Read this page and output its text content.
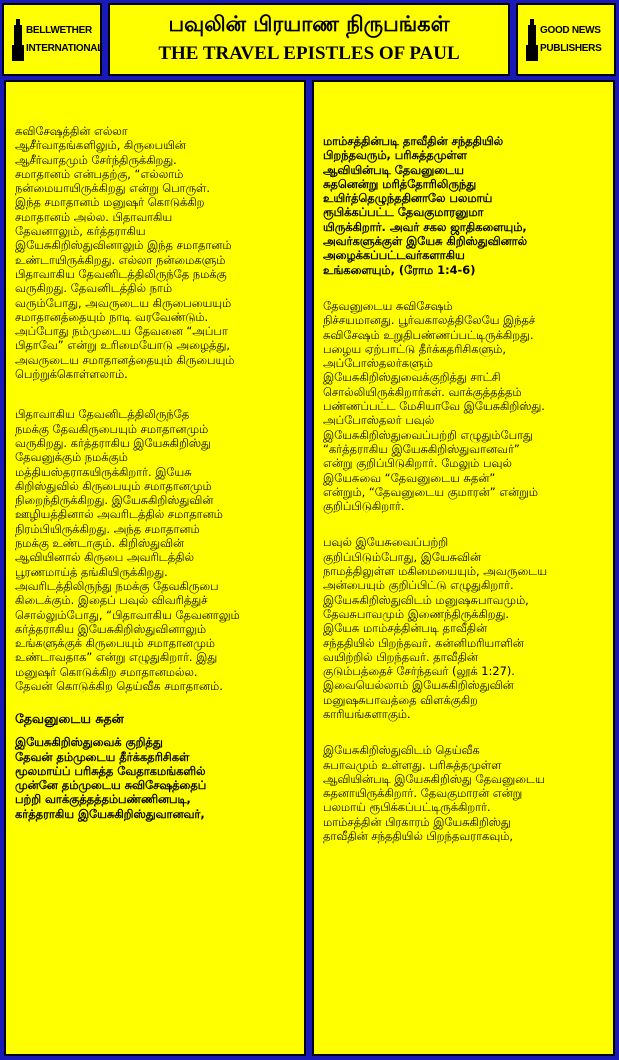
BELLWETHER
INTERNATIONAL
பவுலின் பிரயாண நிருபங்கள்
THE TRAVEL EPISTLES OF PAUL
GOOD NEWS
PUBLISHERS
சுவிசேஷத்தின் எல்லா
ஆசீர்வாதங்களிலும், கிருபையின்
ஆசீர்வாதமும் சேர்ந்திருக்கிறது.
சமாதானம் என்பதற்கு, “எல்லாம்
நன்மையாயிருக்கிறது என்று பொருள்.
இந்த சமாதானம் மனுஷர் கொடுக்கிற
சமாதானம் அல்ல. பிதாவாகிய
தேவனாலும், கர்த்தராகிய
இயேசுகிறிஸ்துவினாலும் இந்த சமாதானம்
உண்டாயிருக்கிறது. எல்லா நன்மைகளும்
பிதாவாகிய தேவனிடத்திலிருந்தே நமக்கு
வருகிறது. தேவனிடத்தில் நாம்
வரும்போது, அவருடைய கிருபையையும்
சமாதானத்தையும் நாடி வரவேண்டும்.
அப்போது நம்முடைய தேவனை “அப்பா
பிதாவே” என்று உரிமையோடு அழைத்து,
அவருடைய சமாதானத்தையும் கிருபையும்
பெற்றுக்கொள்ளலாம்.
பிதாவாகிய தேவனிடத்திலிருந்தே
நமக்கு தேவகிருபையும் சமாதானமும்
வருகிறது. கர்த்தராகிய இயேசுகிறிஸ்து
தேவனுக்கும் நமக்கும்
மத்தியஸ்தராகயிருக்கிறார். இயேசு
கிறிஸ்துவில் கிருபையும் சமாதானமும்
நிறைந்திருக்கிறது. இயேசுகிறிஸ்துவின்
ஊழியத்தினால் அவரிடத்தில் சமாதானம்
நிரம்பியிருக்கிறது. அந்த சமாதானம்
நமக்கு உண்டாகும். கிறிஸ்துவின்
ஆவியினால் கிருபை அவரிடத்தில்
பூரணமாய்த் தங்கியிருக்கிறது.
அவரிடத்திலிருந்து நமக்கு தேவகிருபை
கிடைக்கும். இதைப் பவுல் விவரித்துச்
சொல்லும்போது, “பிதாவாகிய தேவனாலும்
கர்த்தராகிய இயேசுகிறிஸ்துவினாலும்
உங்களுக்குக் கிருபையும் சமாதானமும்
உண்டாவதாக” என்று எழுதுகிறார். இது
மனுஷர் கொடுக்கிற சமாதானமல்ல.
தேவன் கொடுக்கிற தெய்வீக சமாதானம்.
தேவனுடைய சுதன்
இயேசுகிறிஸ்துவைக் குறித்து
தேவன் தம்முடைய தீர்க்கதரிசிகள்
மூலமாய்ப் பரிசுத்த வேதாகமங்களில்
முன்னே தம்முடைய சுவிசேஷத்தைப்
பற்றி வாக்குத்தத்தம்பண்ணினபடி,
கர்த்தராகிய இயேசுகிறிஸ்துவானவர்,
மாம்சத்தின்படி தாவீதின் சந்ததியில்
பிறந்தவரும், பரிசுத்தமுள்ள
ஆவியின்படி தேவனுடைய
சுதனென்று மரித்தோரிலிருந்து
உயிர்த்தெழுந்ததினாலே பலமாய்
ரூபிக்கப்பட்ட தேவகுமாரனுமா
யிருக்கிறார். அவர் சகல ஜாதிகளையும்,
அவர்களுக்குள் இயேசு கிறிஸ்துவினால்
அழைக்கப்பட்டவர்களாகிய
உங்களையும், (ரோம 1:4-6)
தேவனுடைய சுவிசேஷம்
நிச்சயமானது. பூர்வகாலத்திலேயே இந்தச்
சுவிசேஷம் உறுதிபண்ணப்பட்டிருக்கிறது.
பழைய ஏற்பாட்டு தீர்க்கதரிசிகளும்,
அப்போஸ்தலர்களும்
இயேசுகிறிஸ்துவைக்குறித்து சாட்சி
சொல்லியிருக்கிறார்கள். வாக்குத்தத்தம்
பண்ணப்பட்ட மேசியாவே இயேசுகிறிஸ்து.
அப்போஸ்தலர் பவுல்
இயேசுகிறிஸ்துவைப்பற்றி எழுதும்போது
“கர்த்தராகிய இயேசுகிறிஸ்துவானவர்”
என்று குறிப்பிடுகிறார். மேலும் பவுல்
இயேசுவை “தேவனுடைய சுதன்”
என்றும், “தேவனுடைய குமாரன்” என்றும்
குறிப்பிடுகிறார்.
பவுல் இயேசுவைப்பற்றி
குறிப்பிடும்போது, இயேசுவின்
நாமத்திலுள்ள மகிமையையும், அவருடைய
அன்பையும் குறிப்பிட்டு எழுதுகிறார்.
இயேசுகிறிஸ்துவிடம் மனுஷசுபாவமும்,
தேவசுபாவமும் இணைந்திருக்கிறது.
இயேசு மாம்சத்தின்படி தாவீதின்
சந்ததியில் பிறந்தவர். கன்னிமரியாளின்
வயிற்றில் பிறந்தவர். தாவீதின்
குடும்பத்தைச் சேர்ந்தவர் (லூக் 1:27).
இவையெல்லாம் இயேசுகிறிஸ்துவின்
மனுஷசுபாவத்தை விளக்குகிற
காரியங்களாகும்.
இயேசுகிறிஸ்துவிடம் தெய்வீக
சுபாவமும் உள்ளது. பரிசுத்தமுள்ள
ஆவியின்படி இயேசுகிறிஸ்து தேவனுடைய
சுதனாயிருக்கிறார். தேவகுமாரன் என்று
பலமாய் ரூபிக்கப்பட்டிருக்கிறார்.
மாம்சத்தின் பிரகாரம் இயேசுகிறிஸ்து
தாவீதின் சந்ததியில் பிறந்தவராகவும்,
